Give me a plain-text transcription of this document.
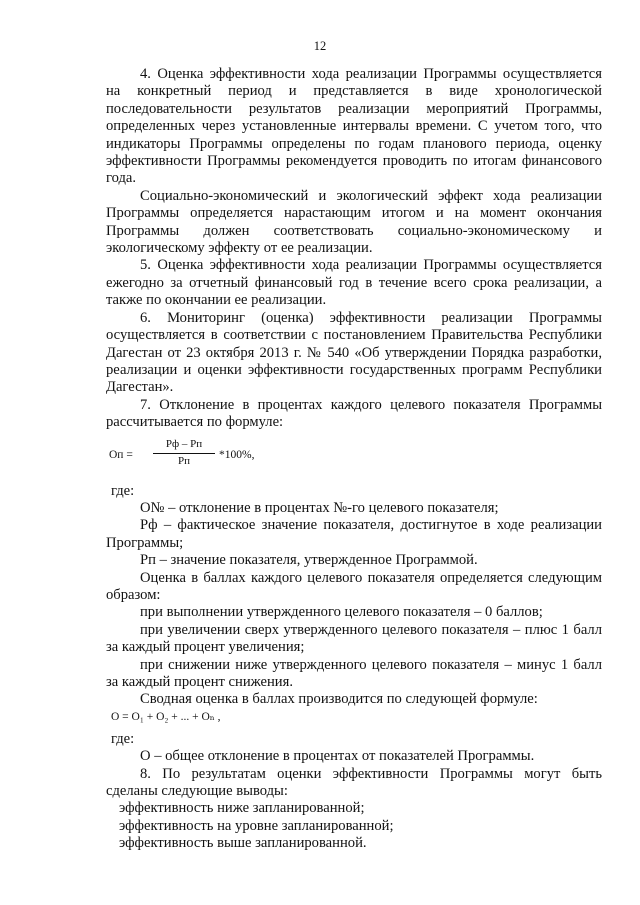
12

4. Оценка эффективности хода реализации Программы осуществляется на конкретный период и представляется в виде хронологической последовательности результатов реализации мероприятий Программы, определенных через установленные интервалы времени. С учетом того, что индикаторы Программы определены по годам планового периода, оценку эффективности Программы рекомендуется проводить по итогам финансового года.

Социально-экономический и экологический эффект хода реализации Программы определяется нарастающим итогом и на момент окончания Программы должен соответствовать социально-экономическому и экологическому эффекту от ее реализации.

5. Оценка эффективности хода реализации Программы осуществляется ежегодно за отчетный финансовый год в течение всего срока реализации, а также по окончании ее реализации.

6. Мониторинг (оценка) эффективности реализации Программы осуществляется в соответствии с постановлением Правительства Республики Дагестан от 23 октября 2013 г. № 540 «Об утверждении Порядка разработки, реализации и оценки эффективности государственных программ Республики Дагестан».

7. Отклонение в процентах каждого целевого показателя Программы рассчитывается по формуле:

Оп =
Рф – Рп
Рп	*100%,

где:

О№ – отклонение в процентах №-го целевого показателя;

Рф – фактическое значение показателя, достигнутое в ходе реализации Программы;

Рп – значение показателя, утвержденное Программой.

Оценка в баллах каждого целевого показателя определяется следующим образом:

при выполнении утвержденного целевого показателя – 0 баллов;

при увеличении сверх утвержденного целевого показателя – плюс 1 балл за каждый процент увеличения;

при снижении ниже утвержденного целевого показателя – минус 1 балл за каждый процент снижения.

Сводная оценка в баллах производится по следующей формуле:

О = О₁ + О₂ + ... + Оₙ ,

где:

О – общее отклонение в процентах от показателей Программы.

8. По результатам оценки эффективности Программы могут быть сделаны следующие выводы:

эффективность ниже запланированной;

эффективность на уровне запланированной;

эффективность выше запланированной.
